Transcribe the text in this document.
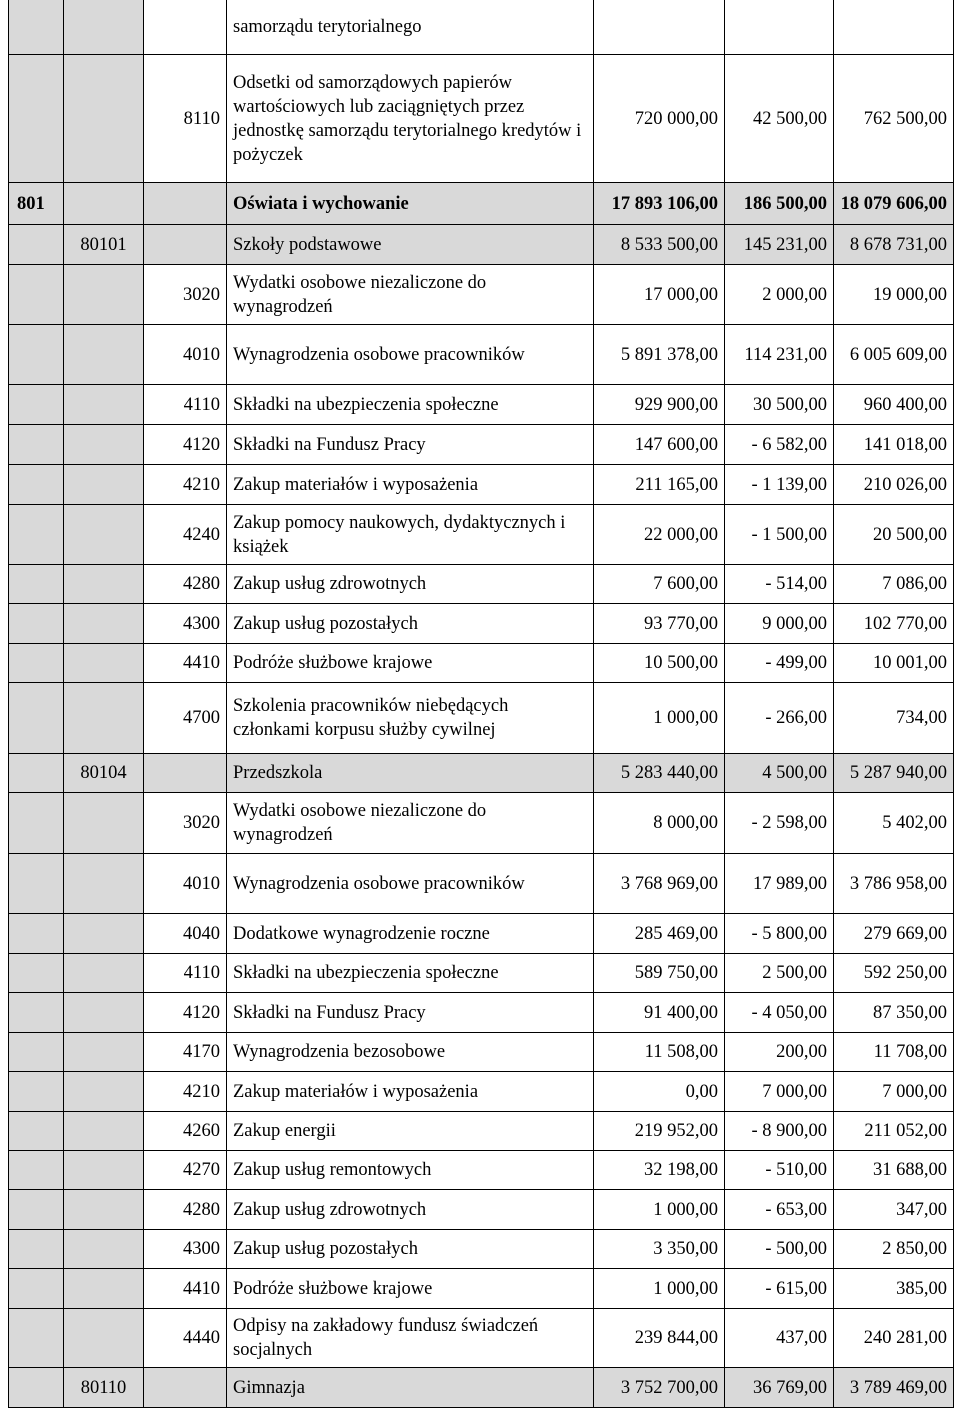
			samorządu terytorialnego			
		8110	Odsetki od samorządowych papierów wartościowych lub zaciągniętych przez jednostkę samorządu terytorialnego kredytów i pożyczek	720 000,00	42 500,00	762 500,00
801			Oświata i wychowanie	17 893 106,00	186 500,00	18 079 606,00
	80101		Szkoły podstawowe	8 533 500,00	145 231,00	8 678 731,00
		3020	Wydatki osobowe niezaliczone do wynagrodzeń	17 000,00	2 000,00	19 000,00
		4010	Wynagrodzenia osobowe pracowników	5 891 378,00	114 231,00	6 005 609,00
		4110	Składki na ubezpieczenia społeczne	929 900,00	30 500,00	960 400,00
		4120	Składki na Fundusz Pracy	147 600,00	- 6 582,00	141 018,00
		4210	Zakup materiałów i wyposażenia	211 165,00	- 1 139,00	210 026,00
		4240	Zakup pomocy naukowych, dydaktycznych i książek	22 000,00	- 1 500,00	20 500,00
		4280	Zakup usług zdrowotnych	7 600,00	- 514,00	7 086,00
		4300	Zakup usług pozostałych	93 770,00	9 000,00	102 770,00
		4410	Podróże służbowe krajowe	10 500,00	- 499,00	10 001,00
		4700	Szkolenia pracowników niebędących członkami korpusu służby cywilnej	1 000,00	- 266,00	734,00
	80104		Przedszkola	5 283 440,00	4 500,00	5 287 940,00
		3020	Wydatki osobowe niezaliczone do wynagrodzeń	8 000,00	- 2 598,00	5 402,00
		4010	Wynagrodzenia osobowe pracowników	3 768 969,00	17 989,00	3 786 958,00
		4040	Dodatkowe wynagrodzenie roczne	285 469,00	- 5 800,00	279 669,00
		4110	Składki na ubezpieczenia społeczne	589 750,00	2 500,00	592 250,00
		4120	Składki na Fundusz Pracy	91 400,00	- 4 050,00	87 350,00
		4170	Wynagrodzenia bezosobowe	11 508,00	200,00	11 708,00
		4210	Zakup materiałów i wyposażenia	0,00	7 000,00	7 000,00
		4260	Zakup energii	219 952,00	- 8 900,00	211 052,00
		4270	Zakup usług remontowych	32 198,00	- 510,00	31 688,00
		4280	Zakup usług zdrowotnych	1 000,00	- 653,00	347,00
		4300	Zakup usług pozostałych	3 350,00	- 500,00	2 850,00
		4410	Podróże służbowe krajowe	1 000,00	- 615,00	385,00
		4440	Odpisy na zakładowy fundusz świadczeń socjalnych	239 844,00	437,00	240 281,00
	80110		Gimnazja	3 752 700,00	36 769,00	3 789 469,00
